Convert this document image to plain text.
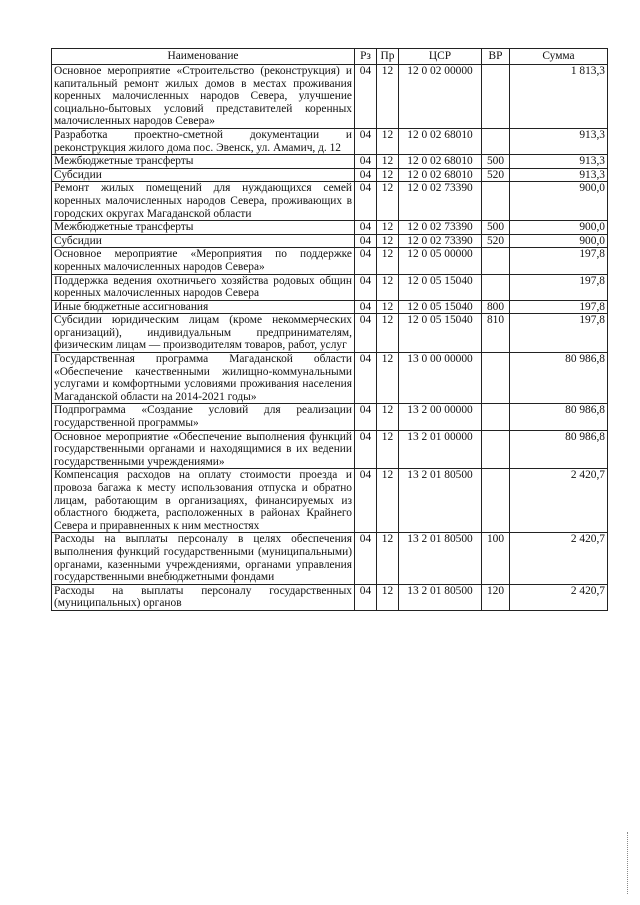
Наименование	Рз	Пр	ЦСР	ВР	Сумма
Основное мероприятие «Строительство (реконструкция) и капитальный ремонт жилых домов в местах проживания коренных малочисленных народов Севера, улучшение социально-бытовых условий представителей коренных малочисленных народов Севера»	04	12	12 0 02 00000		1 813,3
Разработка проектно-сметной документации и реконструкция жилого дома пос. Эвенск, ул. Амамич, д. 12	04	12	12 0 02 68010		913,3
Межбюджетные трансферты	04	12	12 0 02 68010	500	913,3
Субсидии	04	12	12 0 02 68010	520	913,3
Ремонт жилых помещений для нуждающихся семей коренных малочисленных народов Севера, проживающих в городских округах Магаданской области	04	12	12 0 02 73390		900,0
Межбюджетные трансферты	04	12	12 0 02 73390	500	900,0
Субсидии	04	12	12 0 02 73390	520	900,0
Основное мероприятие «Мероприятия по поддержке коренных малочисленных народов Севера»	04	12	12 0 05 00000		197,8
Поддержка ведения охотничьего хозяйства родовых общин коренных малочисленных народов Севера	04	12	12 0 05 15040		197,8
Иные бюджетные ассигнования	04	12	12 0 05 15040	800	197,8
Субсидии юридическим лицам (кроме некоммерческих организаций), индивидуальным предпринимателям, физическим лицам — производителям товаров, работ, услуг	04	12	12 0 05 15040	810	197,8
Государственная программа Магаданской области «Обеспечение качественными жилищно-коммунальными услугами и комфортными условиями проживания населения Магаданской области на 2014-2021 годы»	04	12	13 0 00 00000		80 986,8
Подпрограмма «Создание условий для реализации государственной программы»	04	12	13 2 00 00000		80 986,8
Основное мероприятие «Обеспечение выполнения функций государственными органами и находящимися в их ведении государственными учреждениями»	04	12	13 2 01 00000		80 986,8
Компенсация расходов на оплату стоимости проезда и провоза багажа к месту использования отпуска и обратно лицам, работающим в организациях, финансируемых из областного бюджета, расположенных в районах Крайнего Севера и приравненных к ним местностях	04	12	13 2 01 80500		2 420,7
Расходы на выплаты персоналу в целях обеспечения выполнения функций государственными (муниципальными) органами, казенными учреждениями, органами управления государственными внебюджетными фондами	04	12	13 2 01 80500	100	2 420,7
Расходы на выплаты персоналу государственных (муниципальных) органов	04	12	13 2 01 80500	120	2 420,7
